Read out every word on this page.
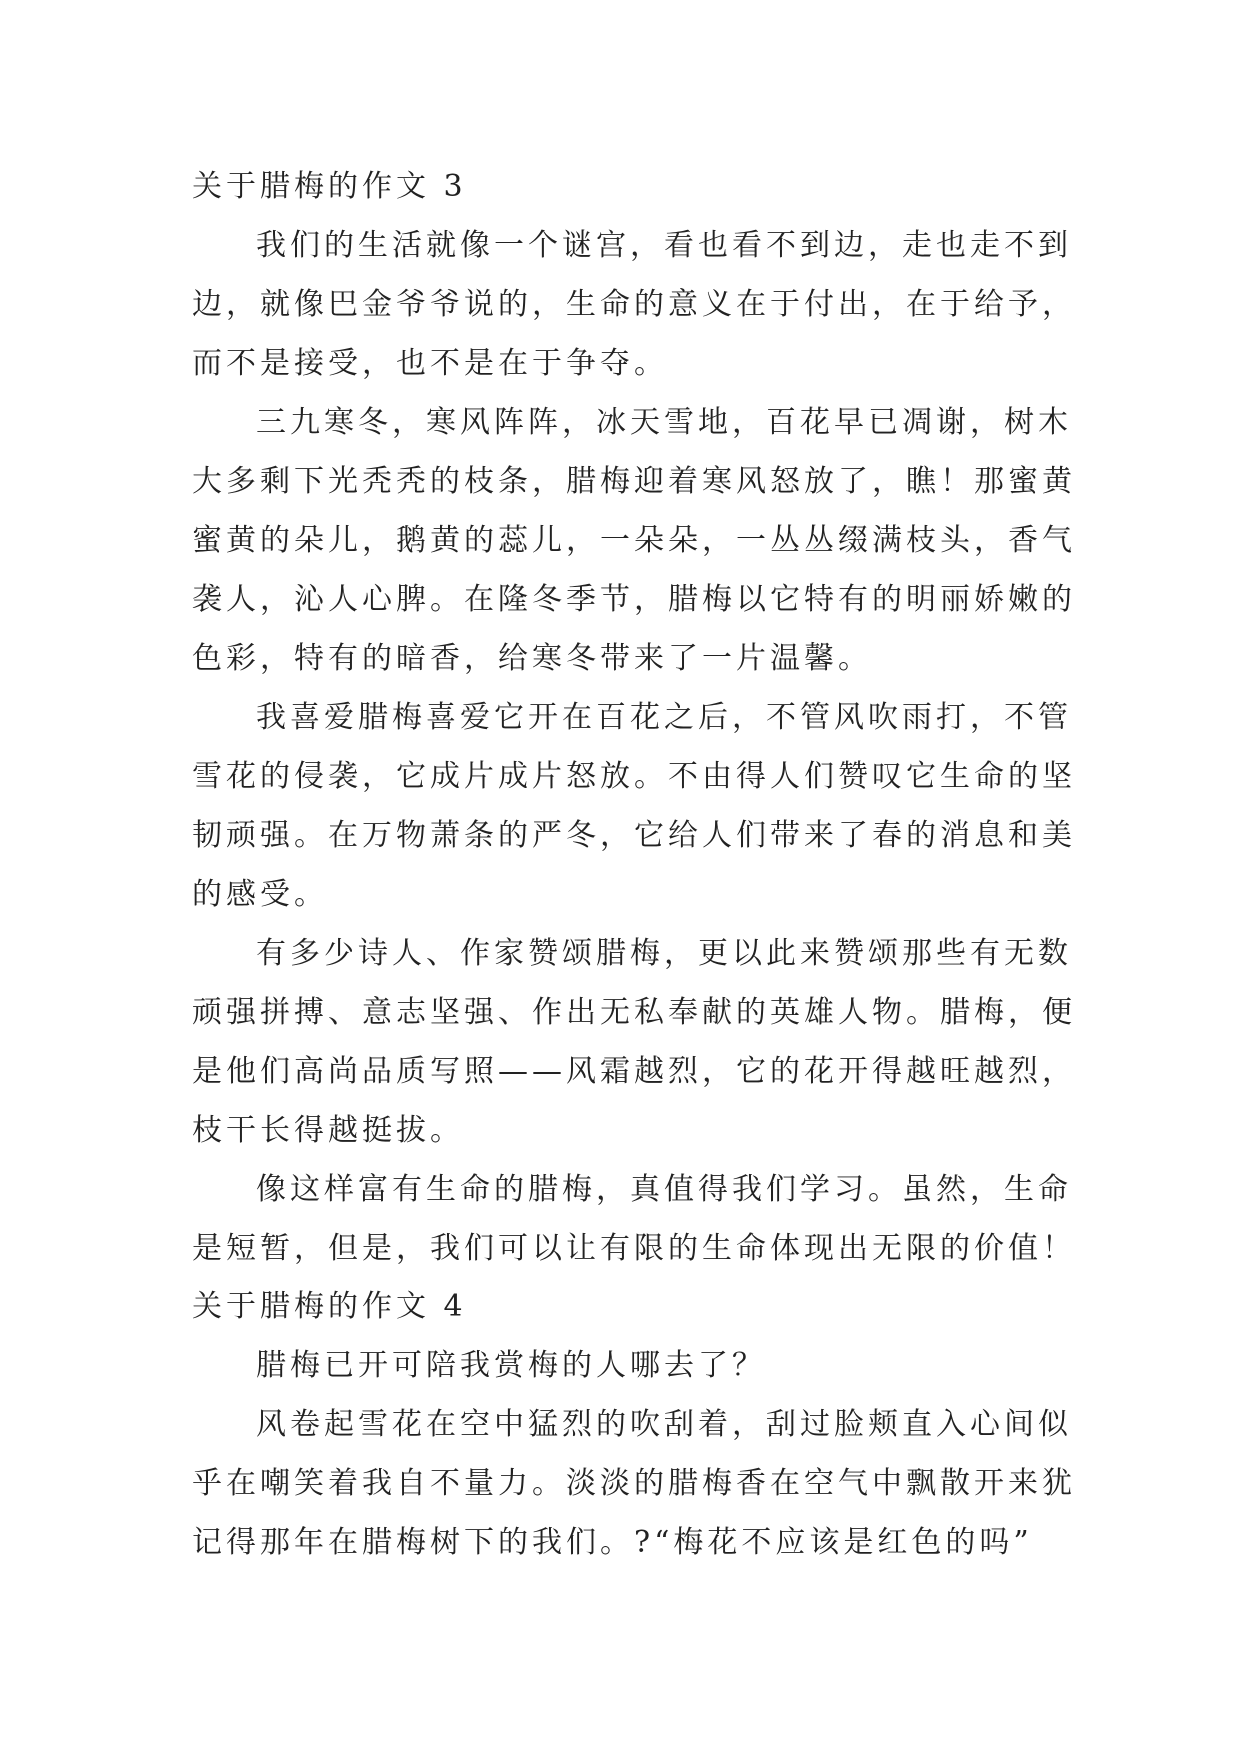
关于腊梅的作文 3
我们的生活就像一个谜宫，看也看不到边，走也走不到
边，就像巴金爷爷说的，生命的意义在于付出，在于给予，
而不是接受，也不是在于争夺。
三九寒冬，寒风阵阵，冰天雪地，百花早已凋谢，树木
大多剩下光秃秃的枝条，腊梅迎着寒风怒放了，瞧！那蜜黄
蜜黄的朵儿，鹅黄的蕊儿，一朵朵，一丛丛缀满枝头，香气
袭人，沁人心脾。在隆冬季节，腊梅以它特有的明丽娇嫩的
色彩，特有的暗香，给寒冬带来了一片温馨。
我喜爱腊梅喜爱它开在百花之后，不管风吹雨打，不管
雪花的侵袭，它成片成片怒放。不由得人们赞叹它生命的坚
韧顽强。在万物萧条的严冬，它给人们带来了春的消息和美
的感受。
有多少诗人、作家赞颂腊梅，更以此来赞颂那些有无数
顽强拼搏、意志坚强、作出无私奉献的英雄人物。腊梅，便
是他们高尚品质写照——风霜越烈，它的花开得越旺越烈，
枝干长得越挺拔。
像这样富有生命的腊梅，真值得我们学习。虽然，生命
是短暂，但是，我们可以让有限的生命体现出无限的价值！
关于腊梅的作文 4
腊梅已开可陪我赏梅的人哪去了？
风卷起雪花在空中猛烈的吹刮着，刮过脸颊直入心间似
乎在嘲笑着我自不量力。淡淡的腊梅香在空气中飘散开来犹
记得那年在腊梅树下的我们。?“梅花不应该是红色的吗”
